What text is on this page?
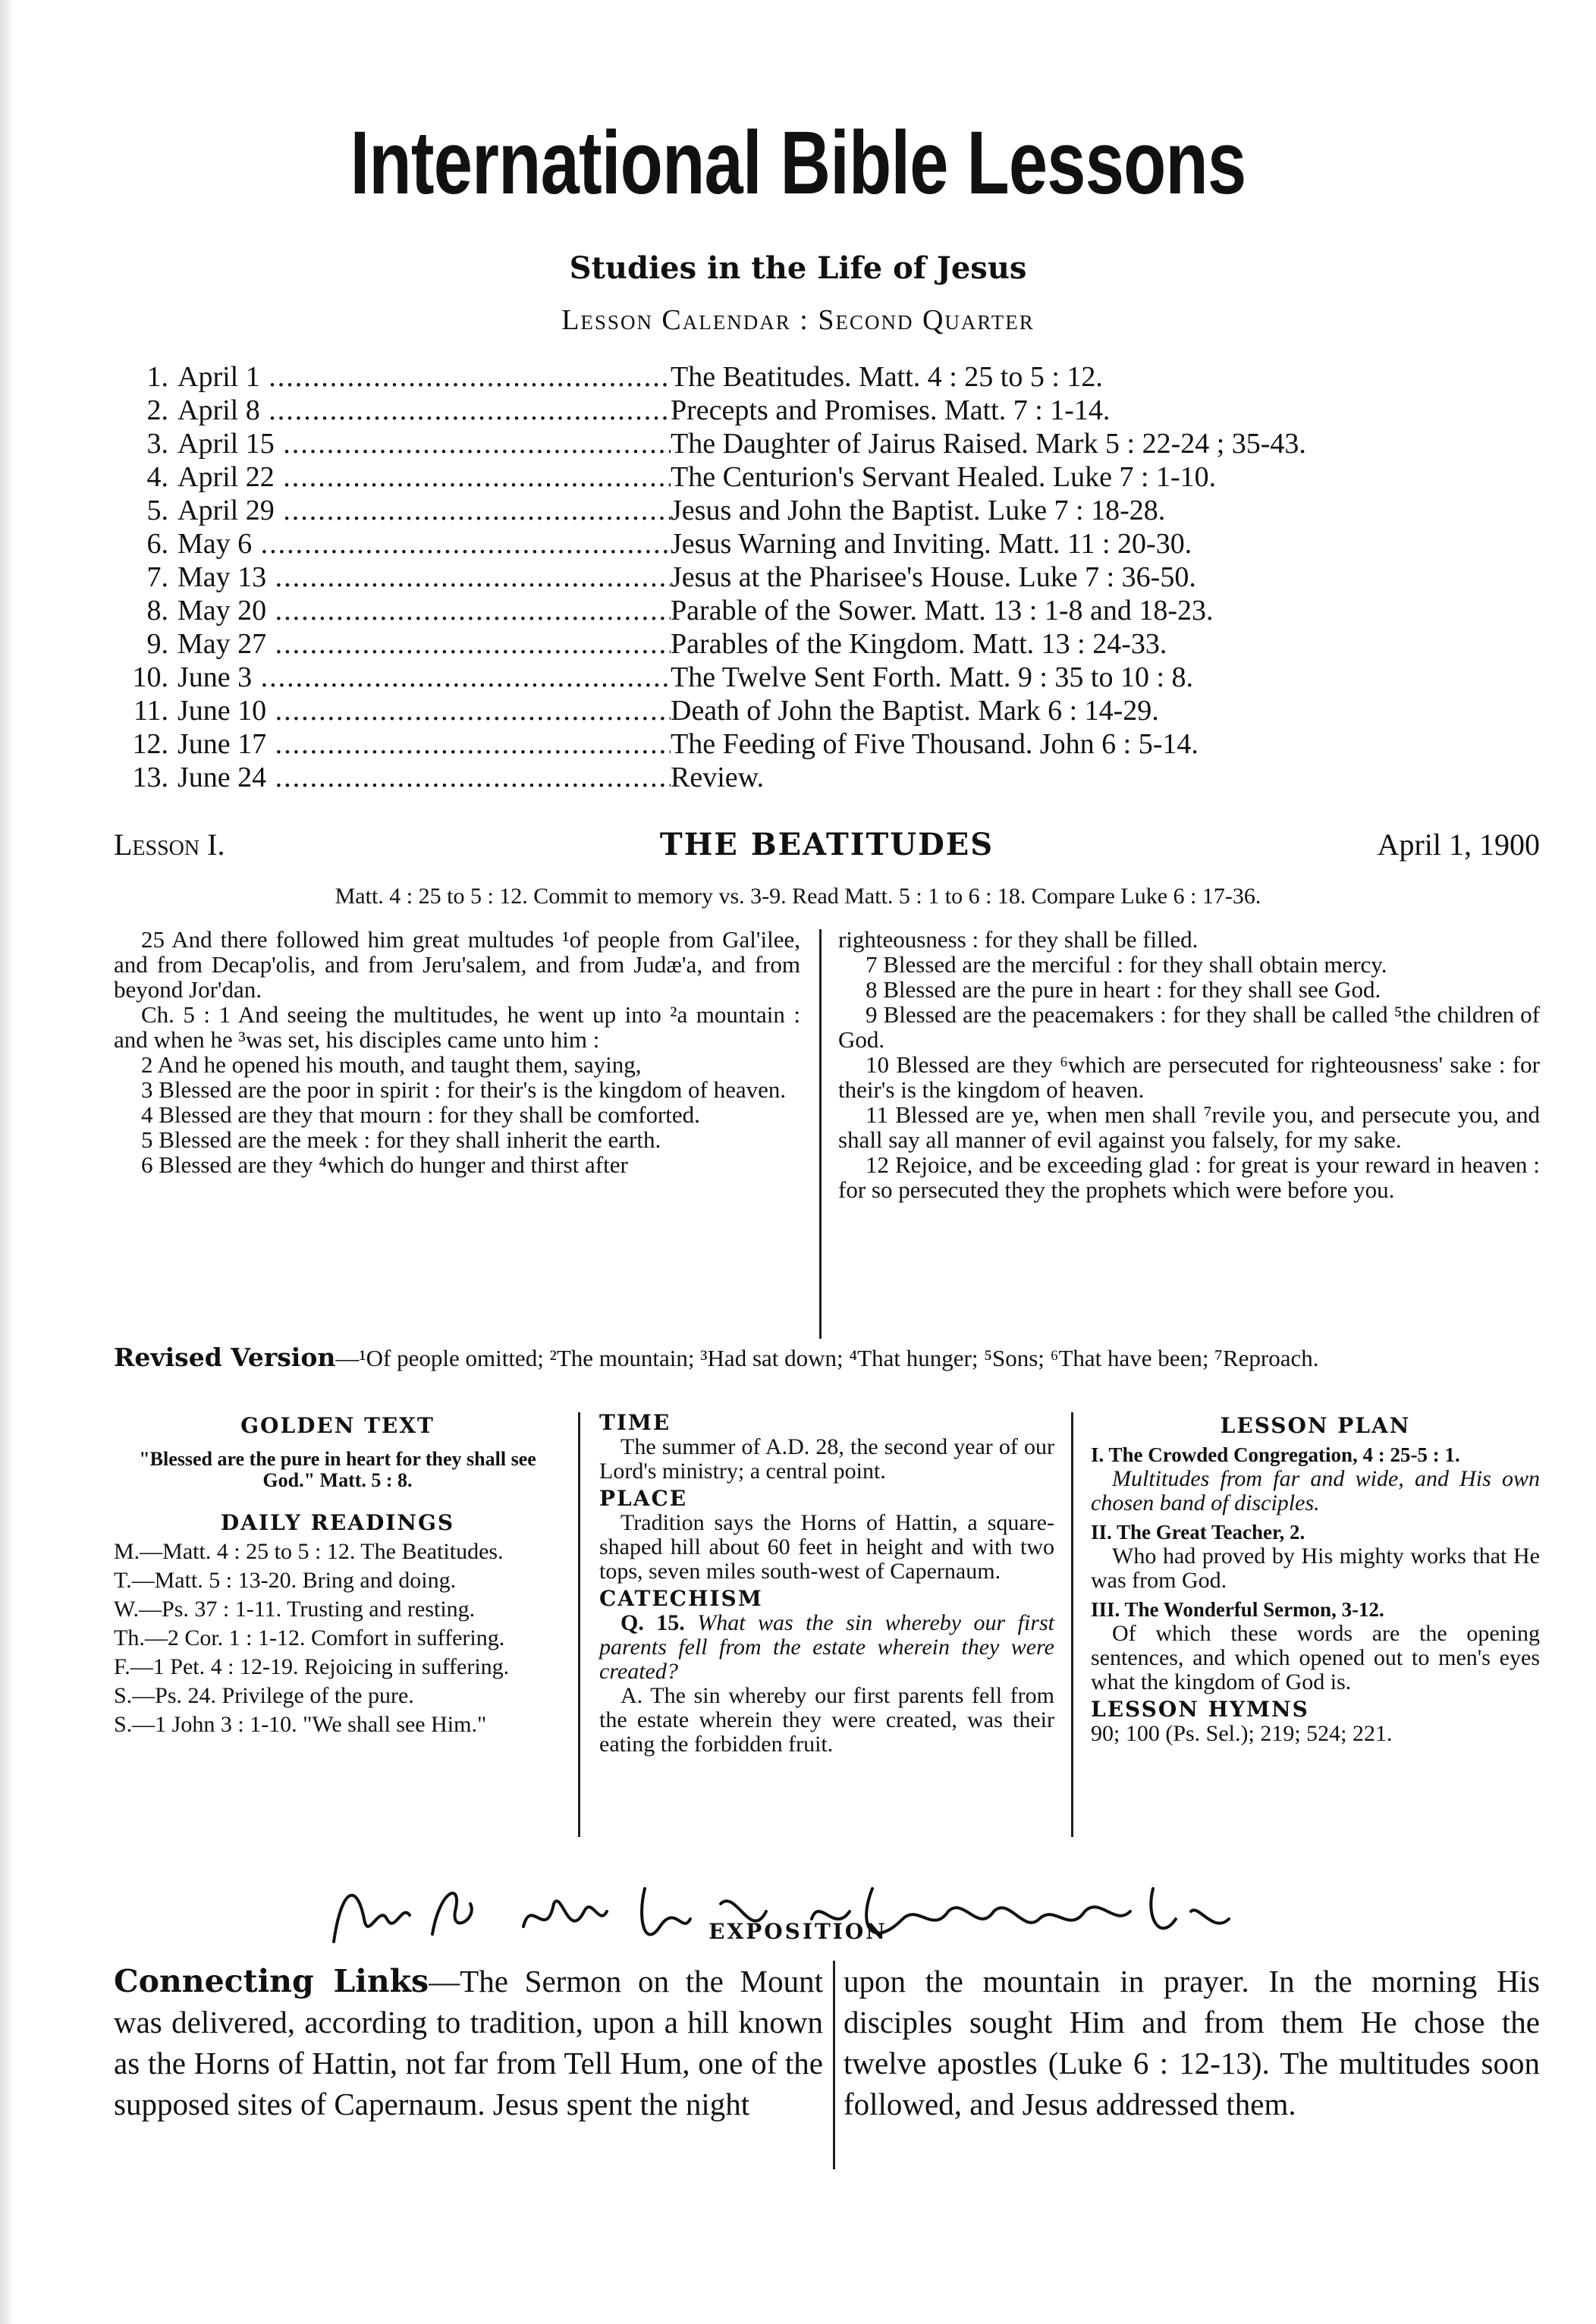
International Bible Lessons
Studies in the Life of Jesus
Lesson Calendar : Second Quarter
1. April 1 .....	The Beatitudes. Matt. 4 : 25 to 5 : 12.
2. April 8 .....	Precepts and Promises. Matt. 7 : 1-14.
3. April 15 .....	The Daughter of Jairus Raised. Mark 5 : 22-24 ; 35-43.
4. April 22 .....	The Centurion's Servant Healed. Luke 7 : 1-10.
5. April 29 .....	Jesus and John the Baptist. Luke 7 : 18-28.
6. May 6 .....	Jesus Warning and Inviting. Matt. 11 : 20-30.
7. May 13 .....	Jesus at the Pharisee's House. Luke 7 : 36-50.
8. May 20 .....	Parable of the Sower. Matt. 13 : 1-8 and 18-23.
9. May 27 .....	Parables of the Kingdom. Matt. 13 : 24-33.
10. June 3 .....	The Twelve Sent Forth. Matt. 9 : 35 to 10 : 8.
11. June 10 .....	Death of John the Baptist. Mark 6 : 14-29.
12. June 17 .....	The Feeding of Five Thousand. John 6 : 5-14.
13. June 24 .....	Review.
Lesson I.	THE BEATITUDES	April 1, 1900
Matt. 4 : 25 to 5 : 12. Commit to memory vs. 3-9. Read Matt. 5 : 1 to 6 : 18. Compare Luke 6 : 17-36.

25 And there followed him great multudes ¹of people from Gal'ilee, and from Decap'olis, and from Jeru'salem, and from Judæ'a, and from beyond Jor'dan.

Ch. 5 : 1 And seeing the multitudes, he went up into ²a mountain : and when he ³was set, his disciples came unto him :

2 And he opened his mouth, and taught them, saying,

3 Blessed are the poor in spirit : for their's is the kingdom of heaven.

4 Blessed are they that mourn : for they shall be comforted.

5 Blessed are the meek : for they shall inherit the earth.

6 Blessed are they ⁴which do hunger and thirst after

righteousness : for they shall be filled.

7 Blessed are the merciful : for they shall obtain mercy.

8 Blessed are the pure in heart : for they shall see God.

9 Blessed are the peacemakers : for they shall be called ⁵the children of God.

10 Blessed are they ⁶which are persecuted for righteousness' sake : for their's is the kingdom of heaven.

11 Blessed are ye, when men shall ⁷revile you, and persecute you, and shall say all manner of evil against you falsely, for my sake.

12 Rejoice, and be exceeding glad : for great is your reward in heaven : for so persecuted they the prophets which were before you.

Revised Version—¹Of people omitted; ²The mountain; ³Had sat down; ⁴That hunger; ⁵Sons; ⁶That have been; ⁷Reproach.
GOLDEN TEXT
"Blessed are the pure in heart for they shall see God." Matt. 5 : 8.
DAILY READINGS
M.—Matt. 4 : 25 to 5 : 12. The Beatitudes.
T.—Matt. 5 : 13-20. Bring and doing.
W.—Ps. 37 : 1-11. Trusting and resting.
Th.—2 Cor. 1 : 1-12. Comfort in suffering.
F.—1 Pet. 4 : 12-19. Rejoicing in suffering.
S.—Ps. 24. Privilege of the pure.
S.—1 John 3 : 1-10. "We shall see Him."
TIME
The summer of A.D. 28, the second year of our Lord's ministry; a central point.
PLACE
Tradition says the Horns of Hattin, a square-shaped hill about 60 feet in height and with two tops, seven miles south-west of Capernaum.
CATECHISM
Q. 15. What was the sin whereby our first parents fell from the estate wherein they were created?
A. The sin whereby our first parents fell from the estate wherein they were created, was their eating the forbidden fruit.
LESSON PLAN
I. The Crowded Congregation, 4 : 25-5 : 1.
Multitudes from far and wide, and His own chosen band of disciples.
II. The Great Teacher, 2.
Who had proved by His mighty works that He was from God.
III. The Wonderful Sermon, 3-12.
Of which these words are the opening sentences, and which opened out to men's eyes what the kingdom of God is.
LESSON HYMNS
90; 100 (Ps. Sel.); 219; 524; 221.
EXPOSITION
Connecting Links—The Sermon on the Mount was delivered, according to tradition, upon a hill known as the Horns of Hattin, not far from Tell Hum, one of the supposed sites of Capernaum. Jesus spent the night
upon the mountain in prayer. In the morning His disciples sought Him and from them He chose the twelve apostles (Luke 6 : 12-13). The multitudes soon followed, and Jesus addressed them.
